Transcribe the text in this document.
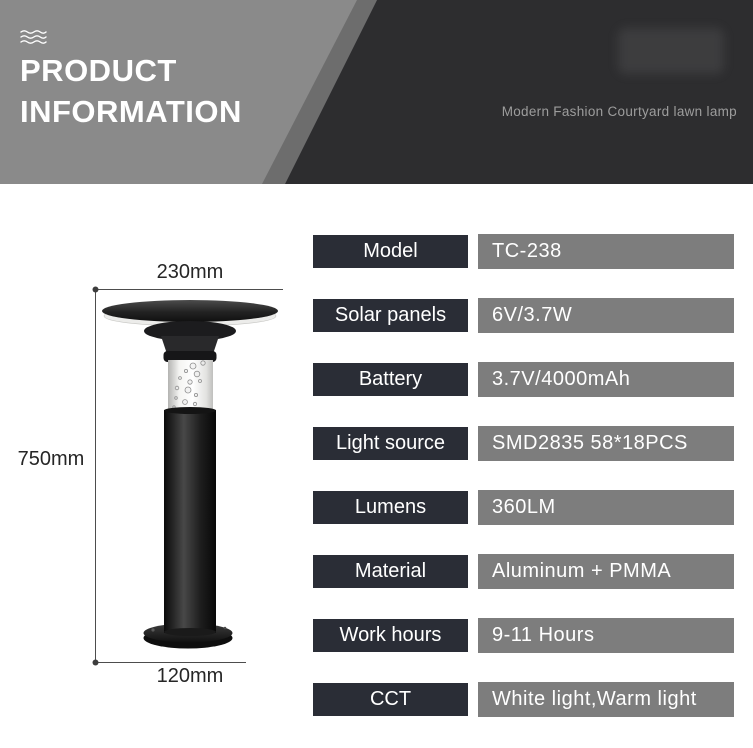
PRODUCT
INFORMATION	Modern Fashion Courtyard lawn lamp
230mm
750mm
120mm
Model	TC-238
Solar panels	6V/3.7W
Battery	3.7V/4000mAh
Light source	SMD2835 58*18PCS
Lumens	360LM
Material	Aluminum + PMMA
Work hours	9-11 Hours
CCT	White light,Warm light
